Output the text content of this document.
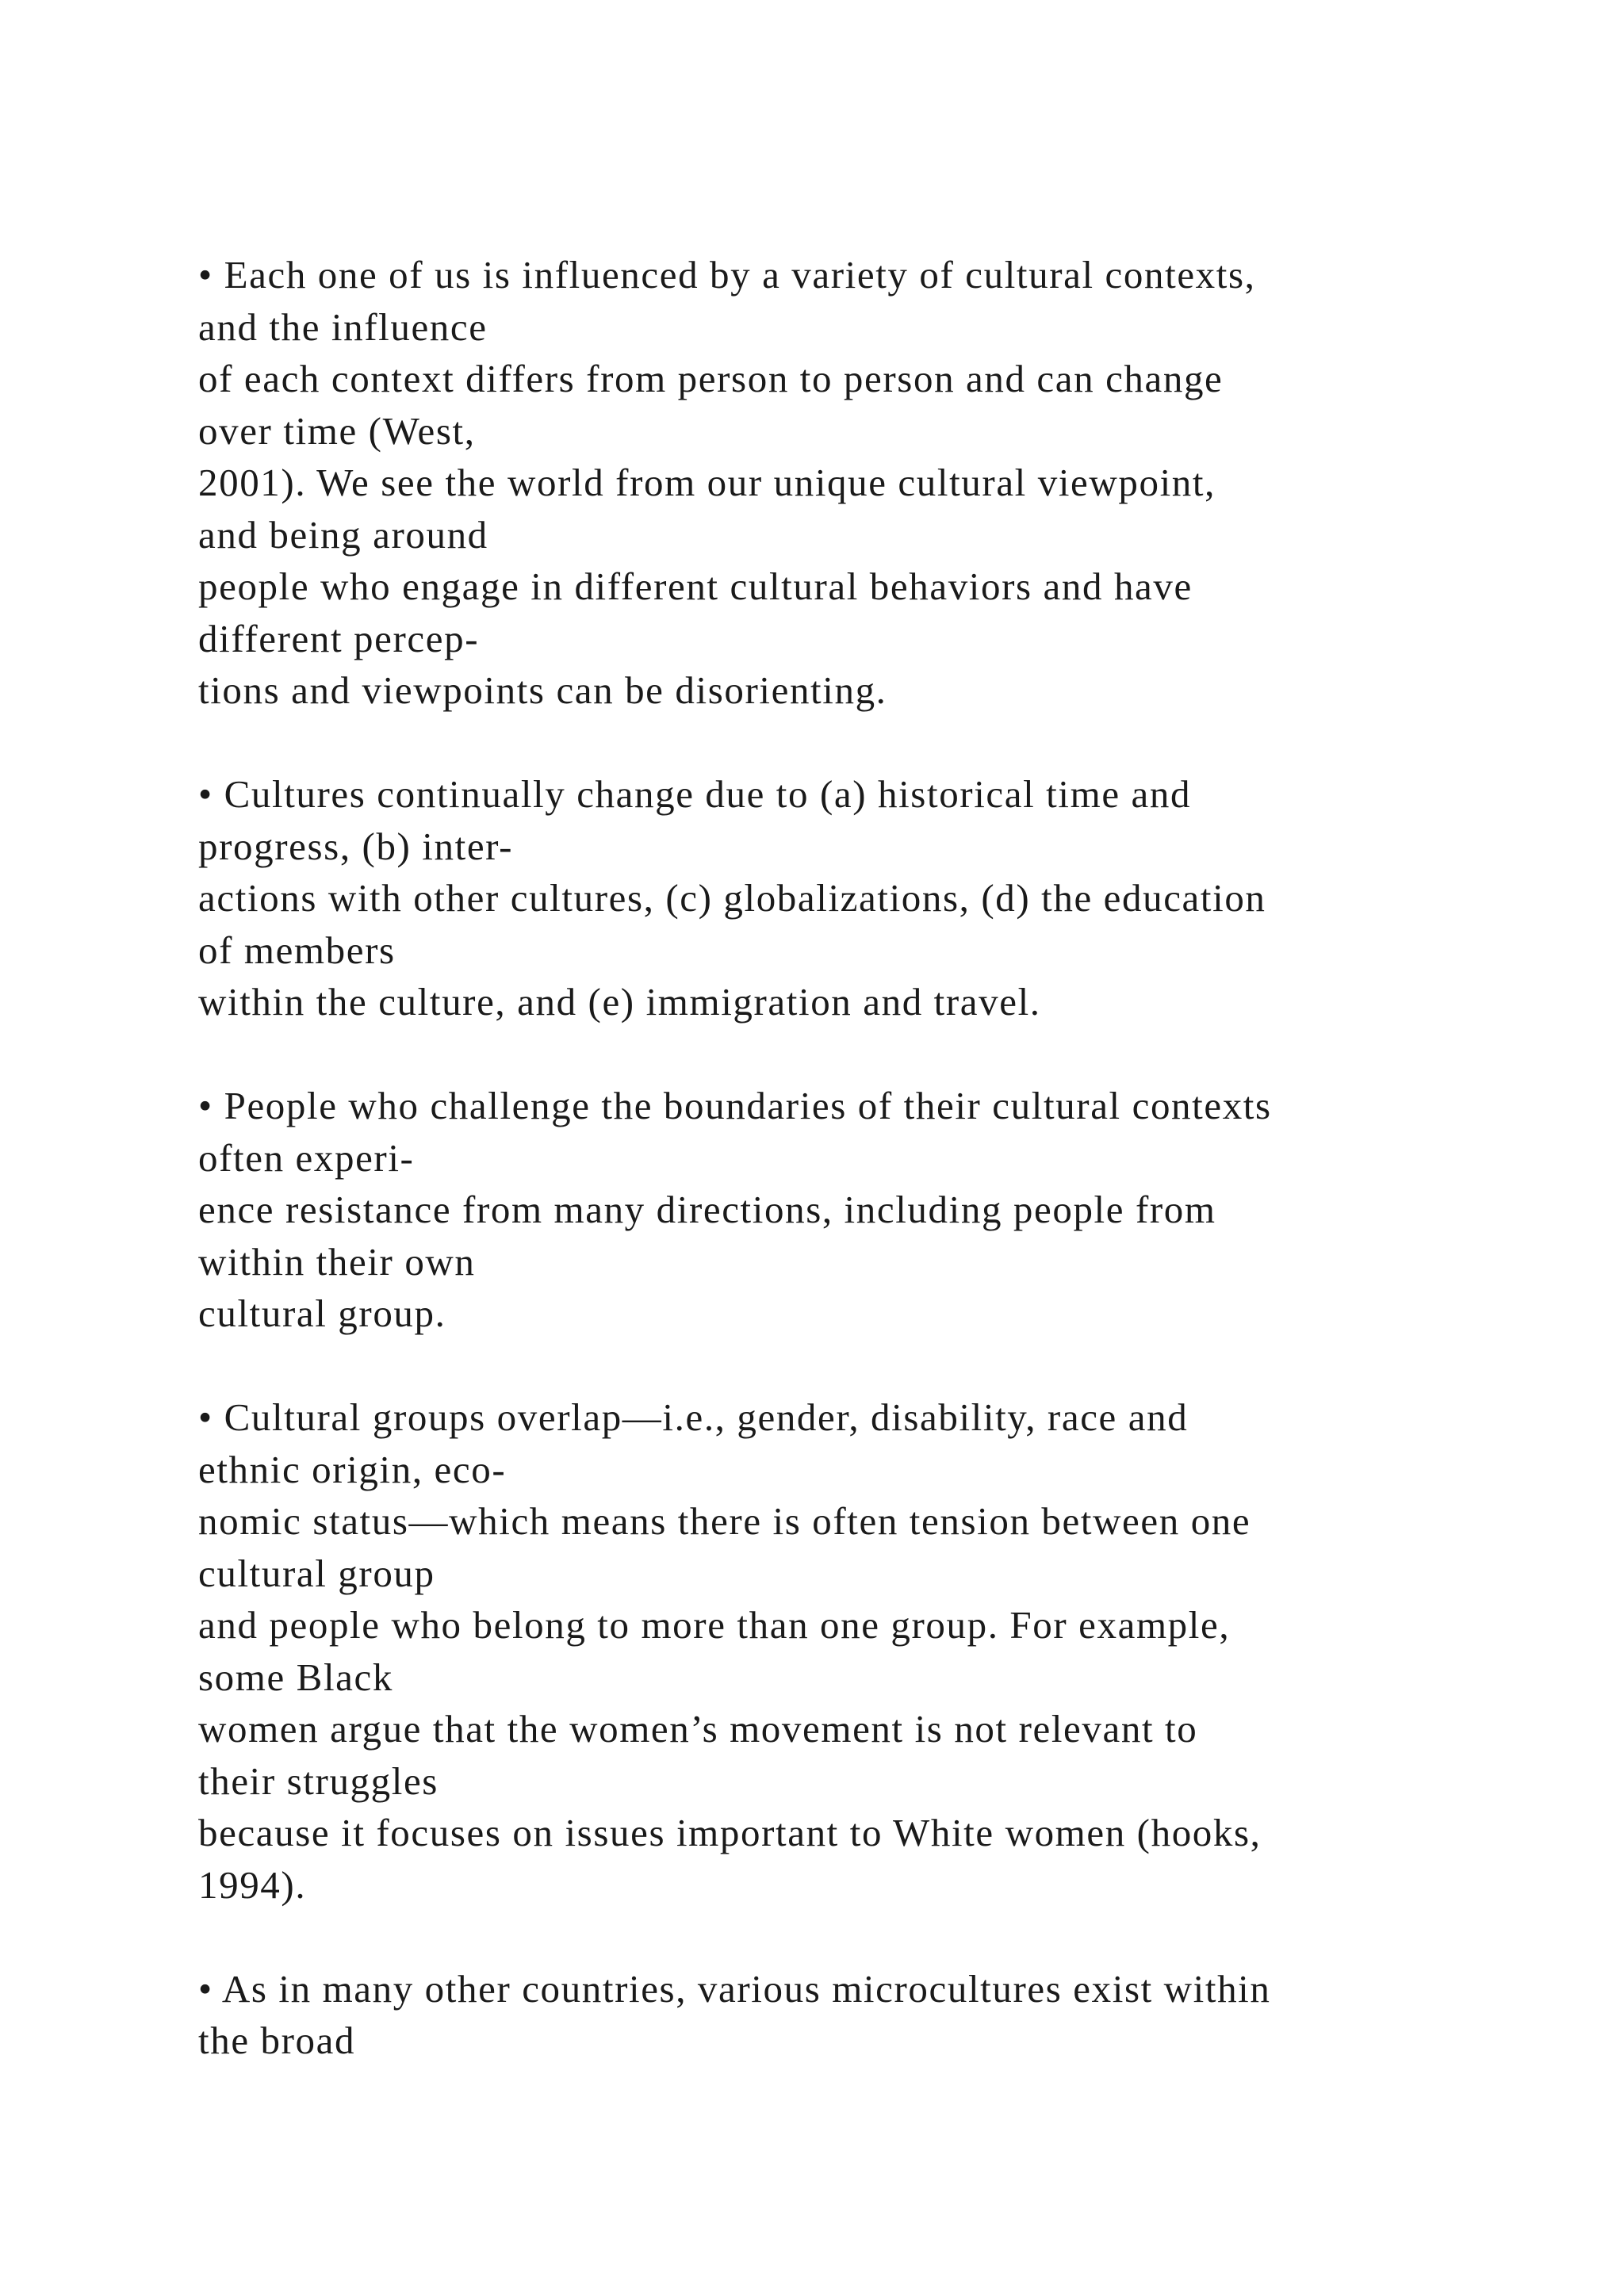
• Each one of us is influenced by a variety of cultural contexts,
and the influence
of each context differs from person to person and can change
over time (West,
2001). We see the world from our unique cultural viewpoint,
and being around
people who engage in different cultural behaviors and have
different percep-
tions and viewpoints can be disorienting.

• Cultures continually change due to (a) historical time and
progress, (b) inter-
actions with other cultures, (c) globalizations, (d) the education
of members
within the culture, and (e) immigration and travel.

• People who challenge the boundaries of their cultural contexts
often experi-
ence resistance from many directions, including people from
within their own
cultural group.

• Cultural groups overlap—i.e., gender, disability, race and
ethnic origin, eco-
nomic status—which means there is often tension between one
cultural group
and people who belong to more than one group. For example,
some Black
women argue that the women’s movement is not relevant to
their struggles
because it focuses on issues important to White women (hooks,
1994).

• As in many other countries, various microcultures exist within
the broad
